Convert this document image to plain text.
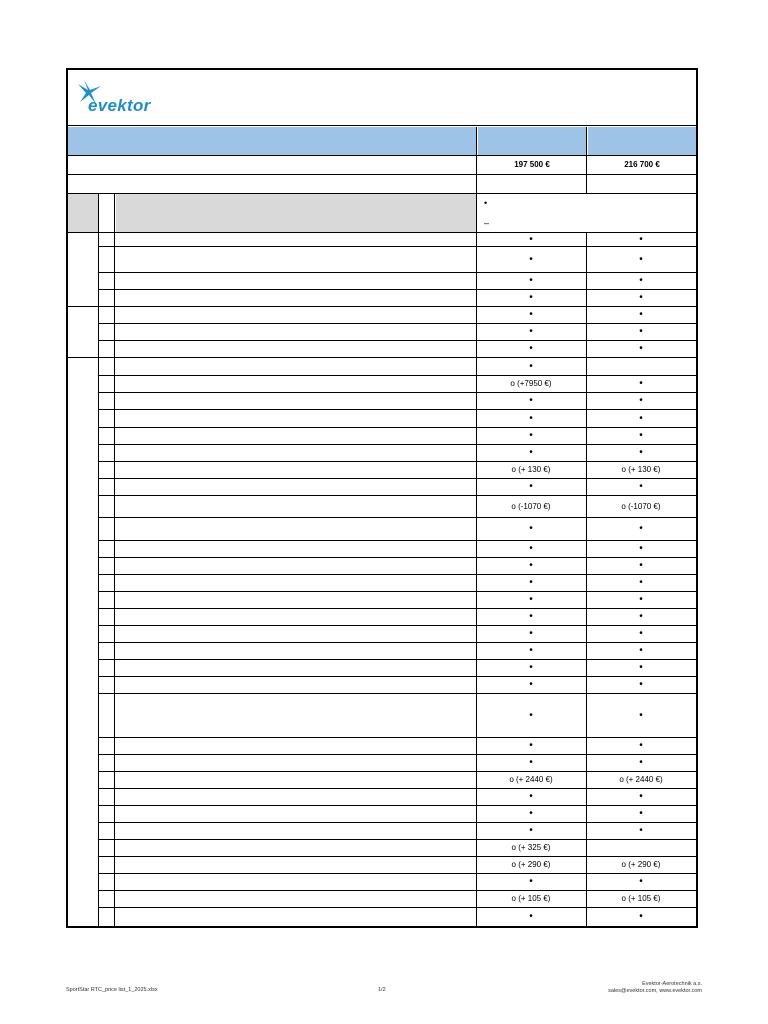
evektor
•
–
197 500 €	216 700 €
•	•
•	•
•	•
•	•
•	•
•	•
•	•
•
o (+7950 €)	•
•	•
•	•
•	•
•	•
o (+ 130 €)	o (+ 130 €)
•	•
o (-1070 €)	o (-1070 €)
•	•
•	•
•	•
•	•
•	•
•	•
•	•
•	•
•	•
•	•
•	•
•	•
•	•
o (+ 2440 €)	o (+ 2440 €)
•	•
•	•
•	•
o (+ 325 €)
o (+ 290 €)	o (+ 290 €)
•	•
o (+ 105 €)	o (+ 105 €)
•	•
SportStar RTC_price list_1_2025.xlsx	1/2
Evektor-Aerotechnik a.s.
sales@evektor.com, www.evektor.com
